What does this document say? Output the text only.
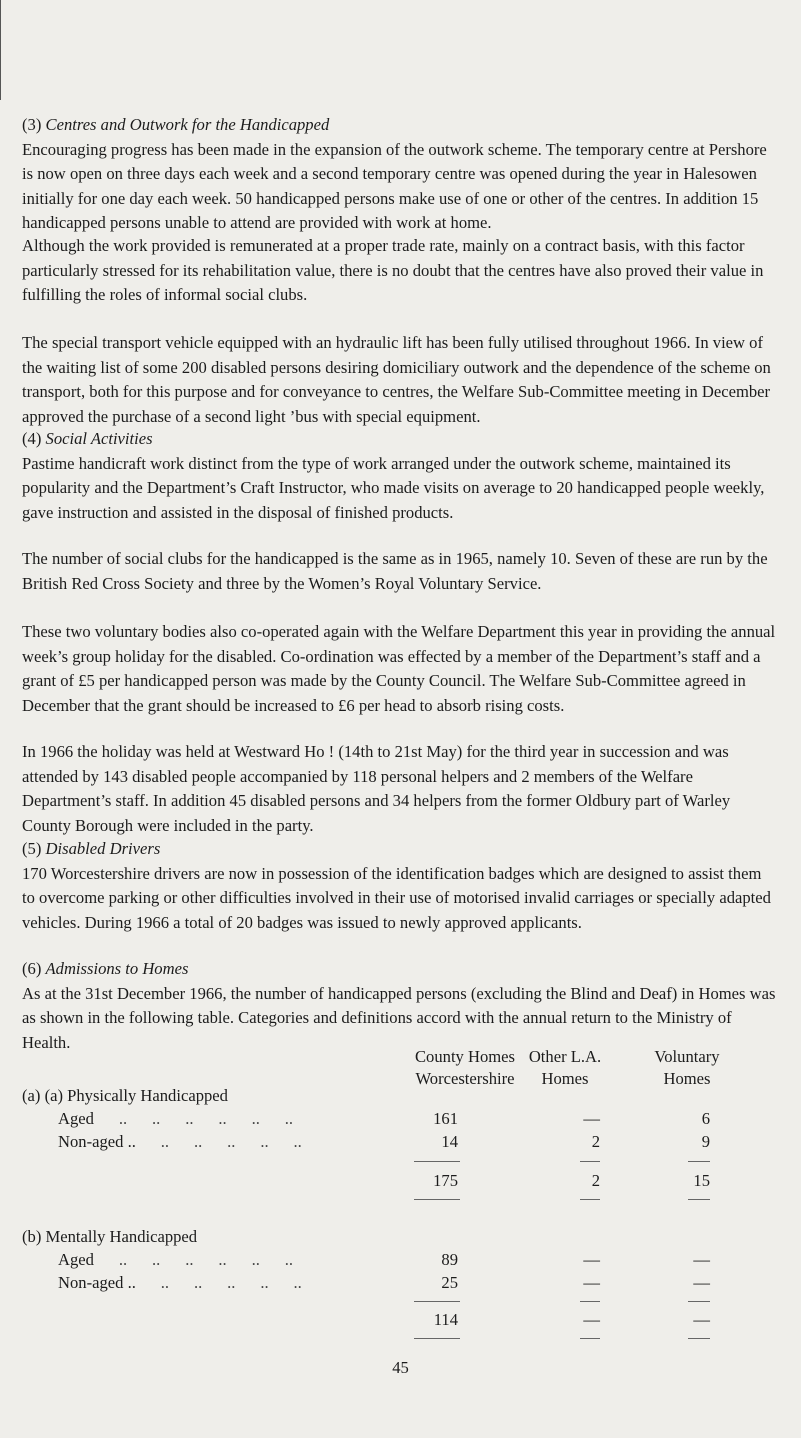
(3) Centres and Outwork for the Handicapped

Encouraging progress has been made in the expansion of the outwork scheme. The temporary centre at Pershore is now open on three days each week and a second temporary centre was opened during the year in Halesowen initially for one day each week. 50 handicapped persons make use of one or other of the centres. In addition 15 handicapped persons unable to attend are provided with work at home.

Although the work provided is remunerated at a proper trade rate, mainly on a contract basis, with this factor particularly stressed for its rehabilitation value, there is no doubt that the centres have also proved their value in fulfilling the roles of informal social clubs.

The special transport vehicle equipped with an hydraulic lift has been fully utilised throughout 1966. In view of the waiting list of some 200 disabled persons desiring domiciliary outwork and the dependence of the scheme on transport, both for this purpose and for conveyance to centres, the Welfare Sub-Committee meeting in December approved the purchase of a second light ’bus with special equipment.

(4) Social Activities

Pastime handicraft work distinct from the type of work arranged under the outwork scheme, maintained its popularity and the Department’s Craft Instructor, who made visits on average to 20 handicapped people weekly, gave instruction and assisted in the disposal of finished products.

The number of social clubs for the handicapped is the same as in 1965, namely 10. Seven of these are run by the British Red Cross Society and three by the Women’s Royal Voluntary Service.

These two voluntary bodies also co-operated again with the Welfare Department this year in providing the annual week’s group holiday for the disabled. Co-ordination was effected by a member of the Department’s staff and a grant of £5 per handicapped person was made by the County Council. The Welfare Sub-Committee agreed in December that the grant should be increased to £6 per head to absorb rising costs.

In 1966 the holiday was held at Westward Ho ! (14th to 21st May) for the third year in succession and was attended by 143 disabled people accompanied by 118 personal helpers and 2 members of the Welfare Department’s staff. In addition 45 disabled persons and 34 helpers from the former Oldbury part of Warley County Borough were included in the party.

(5) Disabled Drivers

170 Worcestershire drivers are now in possession of the identification badges which are designed to assist them to overcome parking or other difficulties involved in their use of motorised invalid carriages or specially adapted vehicles. During 1966 a total of 20 badges was issued to newly approved applicants.

(6) Admissions to Homes

As at the 31st December 1966, the number of handicapped persons (excluding the Blind and Deaf) in Homes was as shown in the following table. Categories and definitions accord with the annual return to the Ministry of Health.

County Homes
Worcestershire
Other L.A.
Homes
Voluntary
Homes
(a) (a) Physically Handicapped
Aged      ..      ..      ..      ..      ..      ..	161	—	6
Non-aged ..      ..      ..      ..      ..      ..	14	2	9
175	2	15
(b) Mentally Handicapped
Aged      ..      ..      ..      ..      ..      ..	89	—	—
Non-aged ..      ..      ..      ..      ..      ..	25	—	—
114	—	—
45
